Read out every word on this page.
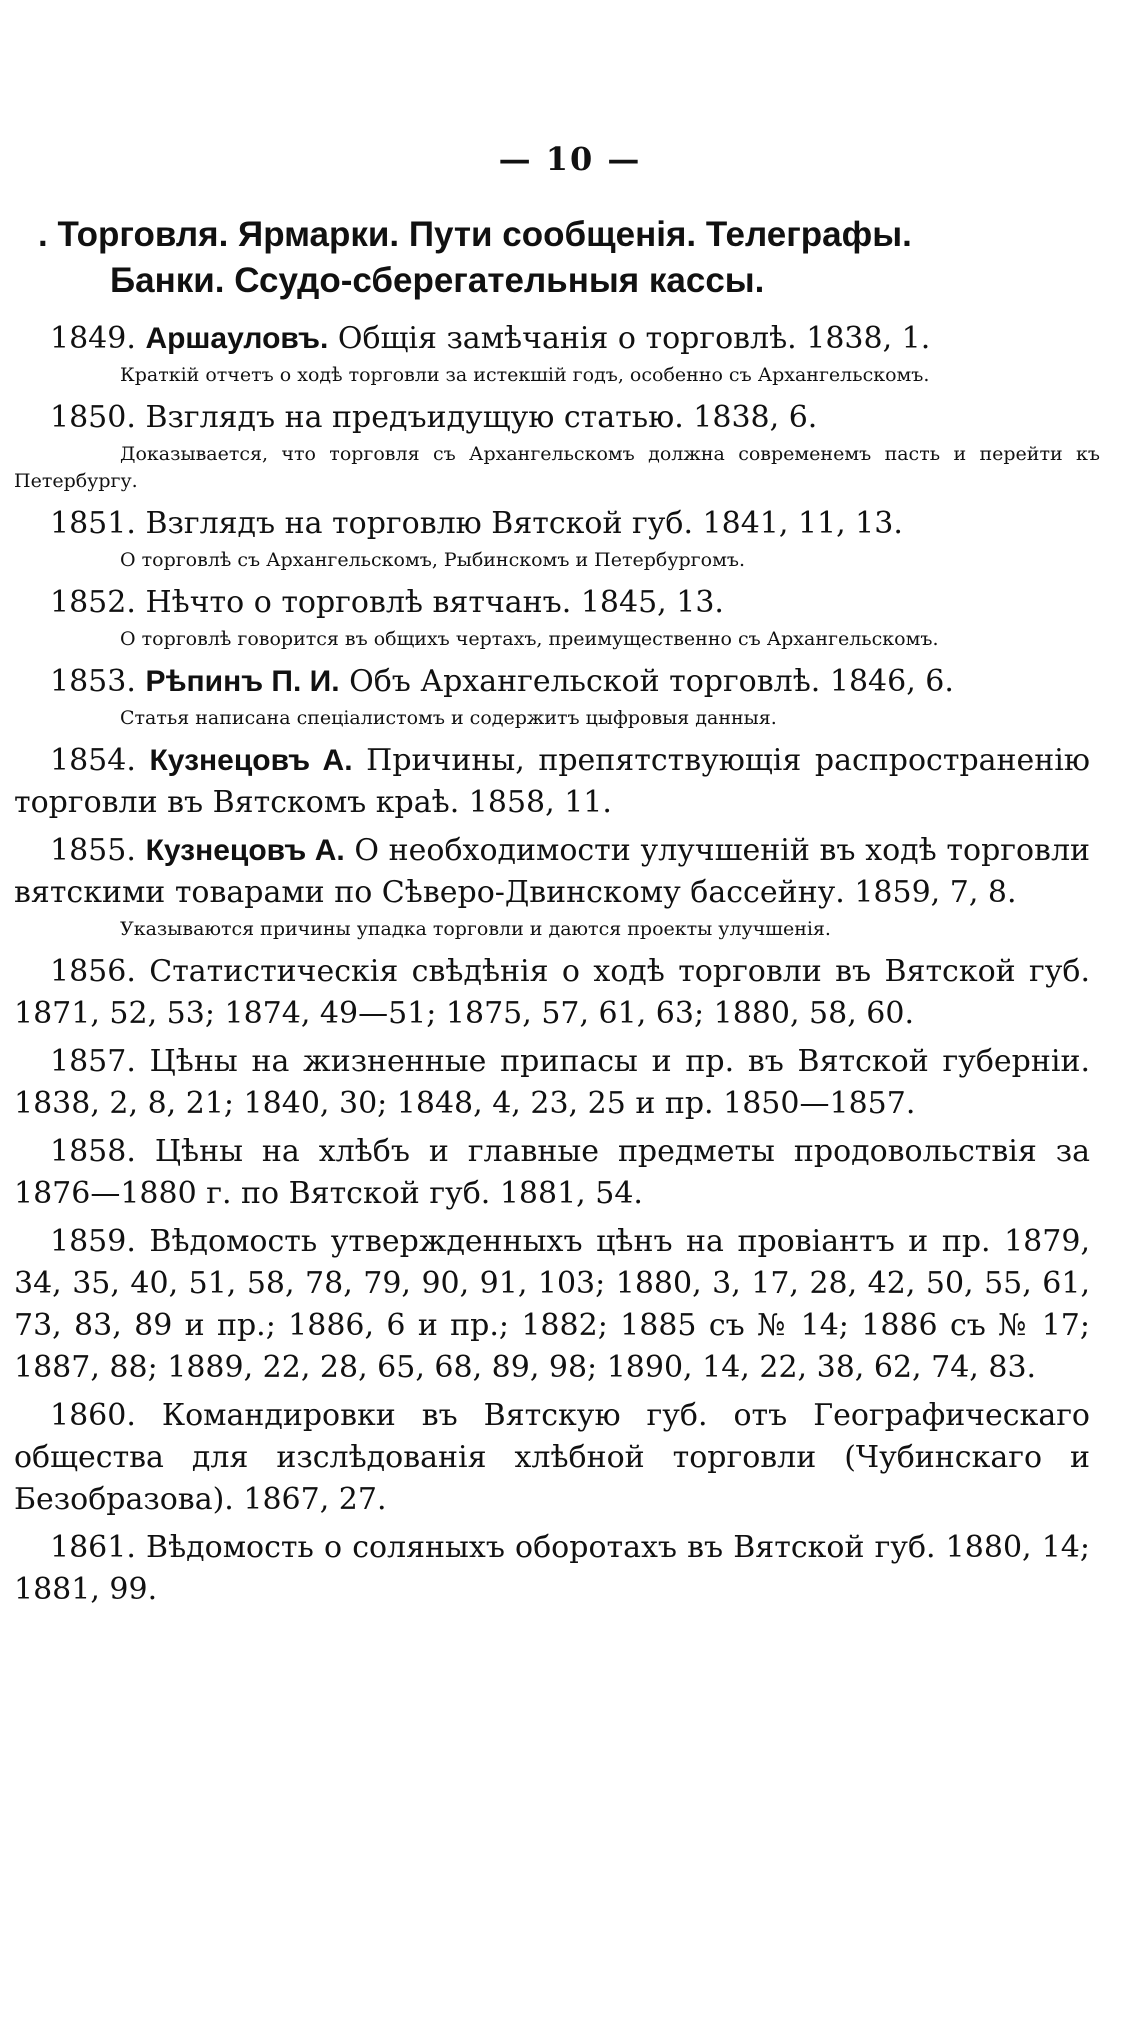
— 10 —
. Торговля. Ярмарки. Пути сообщенія. Телеграфы.
Банки. Ссудо-сберегательныя кассы.
1849. Аршауловъ. Общія замѣчанія о торговлѣ. 1838, 1.
Краткій отчетъ о ходѣ торговли за истекшій годъ, особенно съ Архангельскомъ.
1850. Взглядъ на предъидущую статью. 1838, 6.
Доказывается, что торговля съ Архангельскомъ должна современемъ пасть и перейти къ Петербургу.
1851. Взглядъ на торговлю Вятской губ. 1841, 11, 13.
О торговлѣ съ Архангельскомъ, Рыбинскомъ и Петербургомъ.
1852. Нѣчто о торговлѣ вятчанъ. 1845, 13.
О торговлѣ говорится въ общихъ чертахъ, преимущественно съ Архангельскомъ.
1853. Рѣпинъ П. И. Объ Архангельской торговлѣ. 1846, 6.
Статья написана спеціалистомъ и содержитъ цыфровыя данныя.
1854. Кузнецовъ А. Причины, препятствующія распространенію торговли въ Вятскомъ краѣ. 1858, 11.
1855. Кузнецовъ А. О необходимости улучшеній въ ходѣ торговли вятскими товарами по Сѣверо-Двинскому бассейну. 1859, 7, 8.
Указываются причины упадка торговли и даются проекты улучшенія.
1856. Статистическія свѣдѣнія о ходѣ торговли въ Вятской губ. 1871, 52, 53; 1874, 49—51; 1875, 57, 61, 63; 1880, 58, 60.
1857. Цѣны на жизненные припасы и пр. въ Вятской губерніи. 1838, 2, 8, 21; 1840, 30; 1848, 4, 23, 25 и пр. 1850—1857.
1858. Цѣны на хлѣбъ и главные предметы продовольствія за 1876—1880 г. по Вятской губ. 1881, 54.
1859. Вѣдомость утвержденныхъ цѣнъ на провіантъ и пр. 1879, 34, 35, 40, 51, 58, 78, 79, 90, 91, 103; 1880, 3, 17, 28, 42, 50, 55, 61, 73, 83, 89 и пр.; 1886, 6 и пр.; 1882; 1885 съ № 14; 1886 съ № 17; 1887, 88; 1889, 22, 28, 65, 68, 89, 98; 1890, 14, 22, 38, 62, 74, 83.
1860. Командировки въ Вятскую губ. отъ Географическаго общества для изслѣдованія хлѣбной торговли (Чубинскаго и Безобразова). 1867, 27.
1861. Вѣдомость о соляныхъ оборотахъ въ Вятской губ. 1880, 14; 1881, 99.
